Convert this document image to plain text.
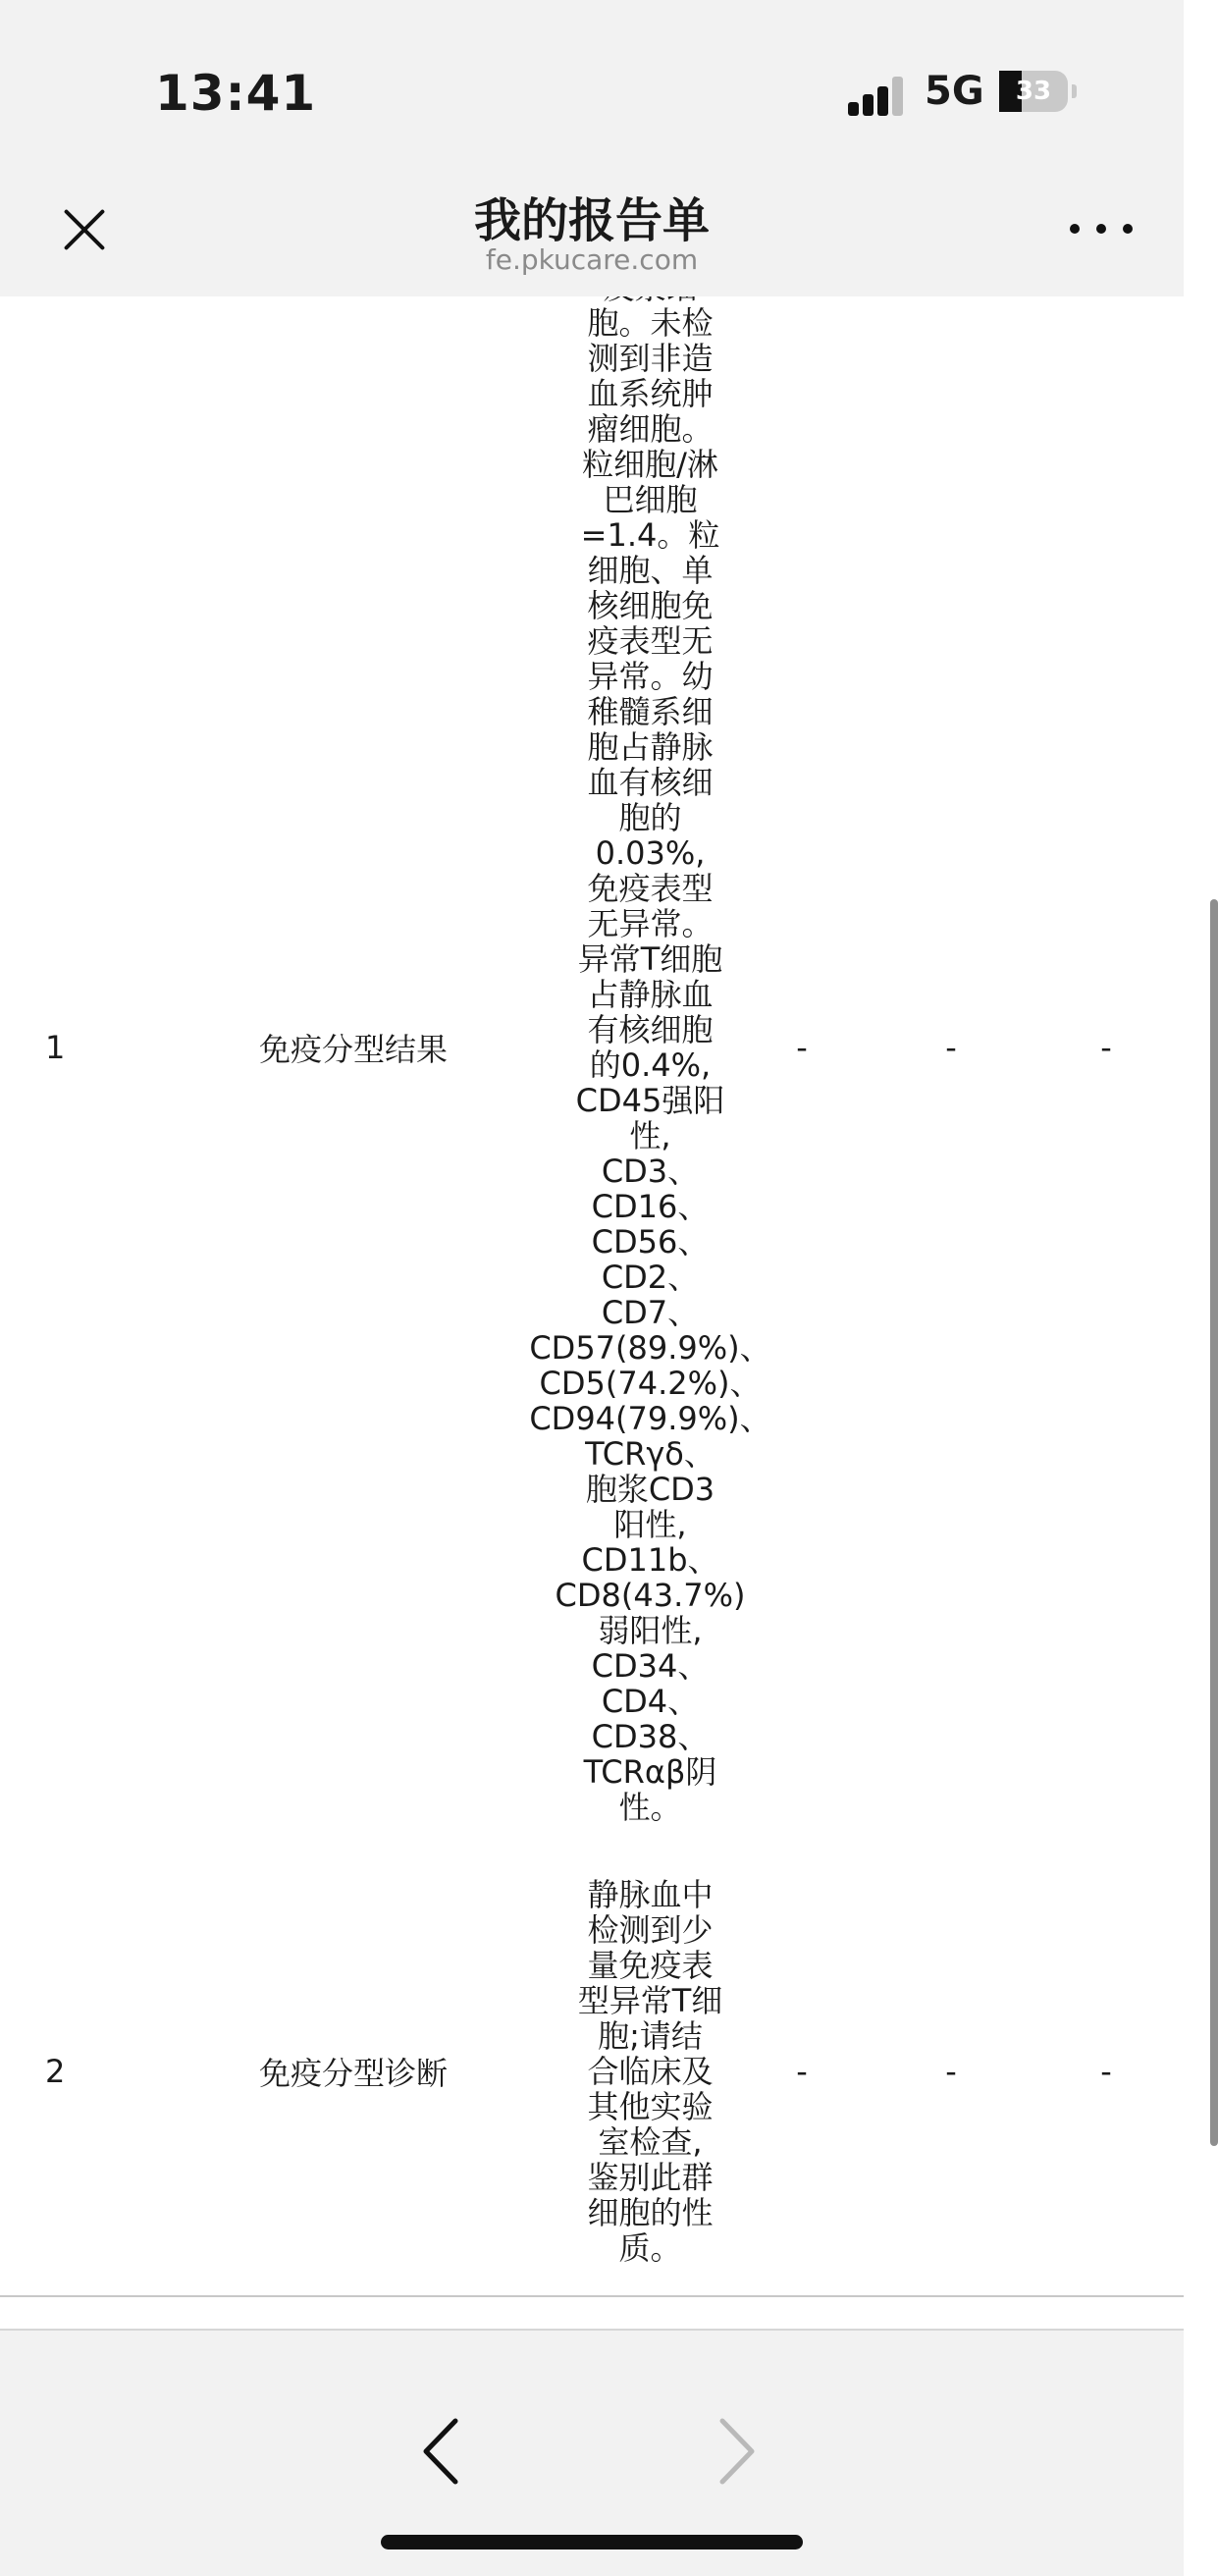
13:41	5G	33
我的报告单
fe.pkucare.com
1	免疫分型结果
胞。未检
测到非造
血系统肿
瘤细胞。
粒细胞/淋
巴细胞
=1.4。粒
细胞、单
核细胞免
疫表型无
异常。幼
稚髓系细
胞占静脉
血有核细
胞的
0.03%,
免疫表型
无异常。
异常T细胞
占静脉血
有核细胞
的0.4%,
CD45强阳
性,
CD3、
CD16、
CD56、
CD2、
CD7、
CD57(89.9%)、
CD5(74.2%)、
CD94(79.9%)、
TCRγδ、
胞浆CD3
阳性,
CD11b、
CD8(43.7%)
弱阳性,
CD34、
CD4、
CD38、
TCRαβ阴
性。
-	-	-
2	免疫分型诊断
静脉血中
检测到少
量免疫表
型异常T细
胞;请结
合临床及
其他实验
室检查,
鉴别此群
细胞的性
质。
-	-	-
